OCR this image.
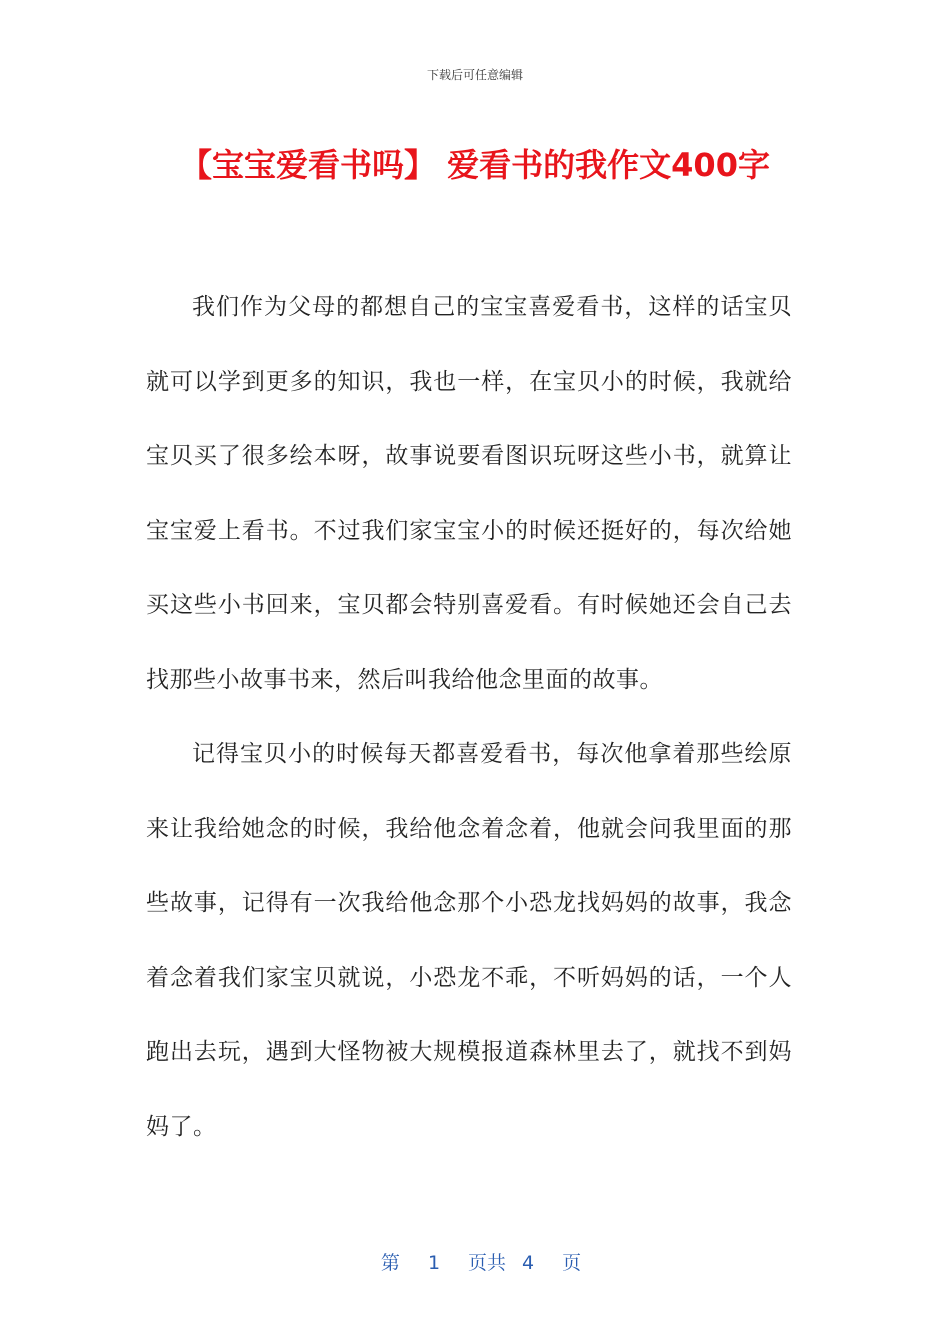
下载后可任意编辑
【宝宝爱看书吗】 爱看书的我作文400字

我们作为父母的都想自己的宝宝喜爱看书，这样的话宝贝就可以学到更多的知识，我也一样，在宝贝小的时候，我就给宝贝买了很多绘本呀，故事说要看图识玩呀这些小书，就算让宝宝爱上看书。不过我们家宝宝小的时候还挺好的，每次给她买这些小书回来，宝贝都会特别喜爱看。有时候她还会自己去找那些小故事书来，然后叫我给他念里面的故事。

记得宝贝小的时候每天都喜爱看书，每次他拿着那些绘原来让我给她念的时候，我给他念着念着，他就会问我里面的那些故事，记得有一次我给他念那个小恐龙找妈妈的故事，我念着念着我们家宝贝就说，小恐龙不乖，不听妈妈的话，一个人跑出去玩，遇到大怪物被大规模报道森林里去了，就找不到妈妈了。

第 1 页共 4 页
